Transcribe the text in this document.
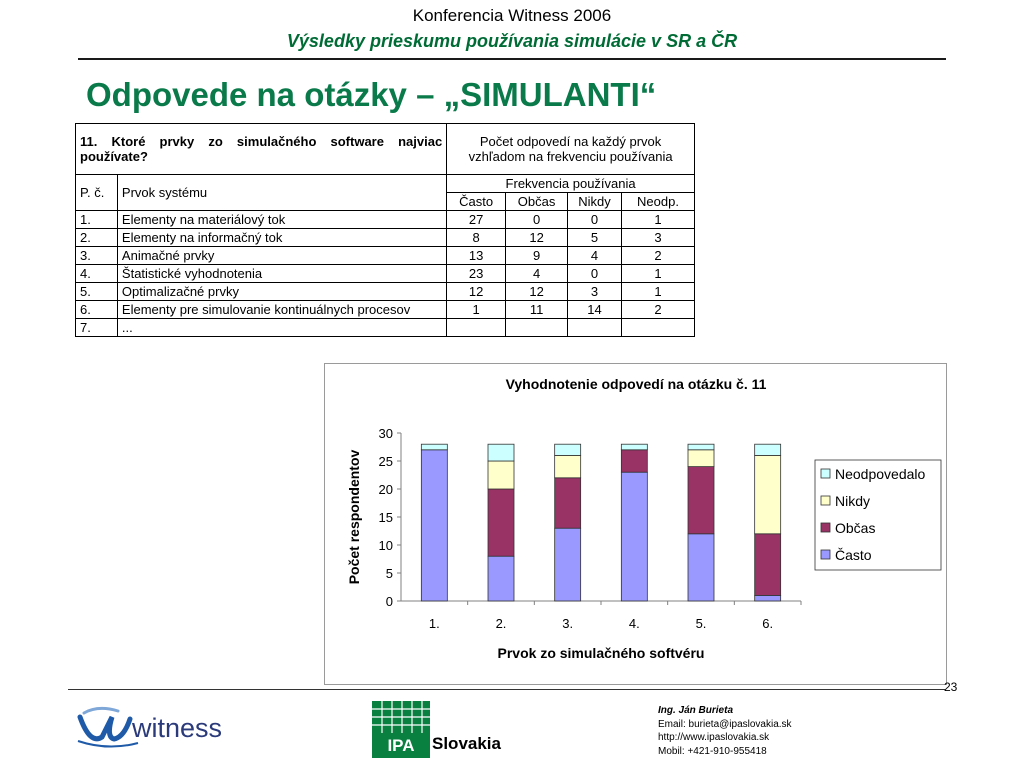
Konferencia Witness 2006
Výsledky prieskumu používania simulácie v SR a ČR
Odpovede na otázky – „SIMULANTI“
11. Ktoré prvky zo simulačného software najviac používate?		Počet odpovedí na každý prvok vzhľadom na frekvenciu používania			
P. č.	Prvok systému	Frekvencia používania			
		Často	Občas	Nikdy	Neodp.
1.	Elementy na materiálový tok	27	0	0	1
2.	Elementy na informačný tok	8	12	5	3
3.	Animačné prvky	13	9	4	2
4.	Štatistické vyhodnotenia	23	4	0	1
5.	Optimalizačné prvky	12	12	3	1
6.	Elementy pre simulovanie kontinuálnych procesov	1	11	14	2
7.	...				
Vyhodnotenie odpovedí na otázku č. 11
0
5
10
15
20
25
30
1.	2.	3.	4.	5.	6.
Prvok zo simulačného softvéru
Počet respondentov	Neodpovedalo
Nikdy
Občas
Často
23
witness
IPA	Slovakia
Ing. Ján Burieta
Email: burieta@ipaslovakia.sk
http://www.ipaslovakia.sk
Mobil: +421-910-955418
